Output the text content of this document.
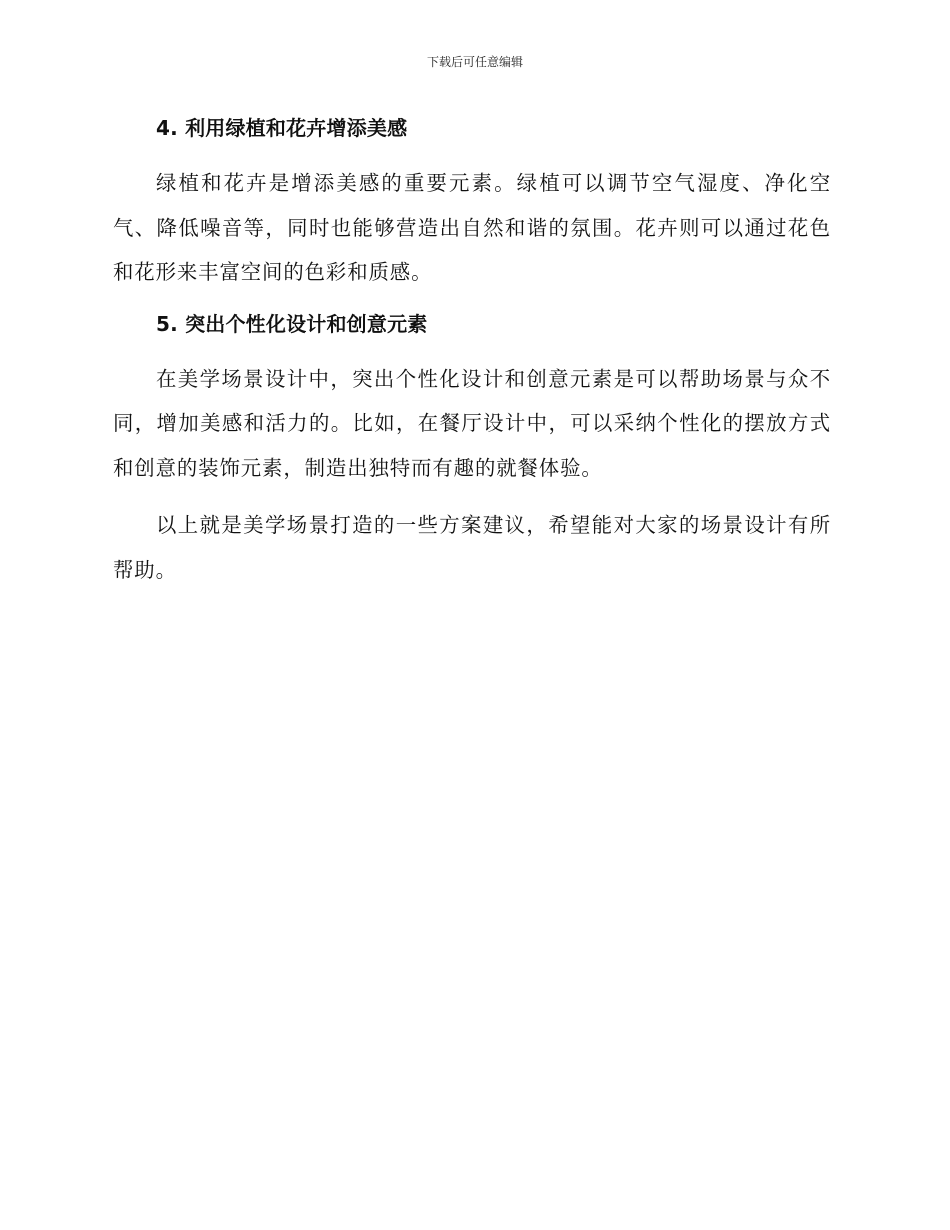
下载后可任意编辑
4. 利用绿植和花卉增添美感

绿植和花卉是增添美感的重要元素。绿植可以调节空气湿度、净化空气、降低噪音等，同时也能够营造出自然和谐的氛围。花卉则可以通过花色和花形来丰富空间的色彩和质感。

5. 突出个性化设计和创意元素

在美学场景设计中，突出个性化设计和创意元素是可以帮助场景与众不同，增加美感和活力的。比如，在餐厅设计中，可以采纳个性化的摆放方式和创意的装饰元素，制造出独特而有趣的就餐体验。

以上就是美学场景打造的一些方案建议，希望能对大家的场景设计有所帮助。
